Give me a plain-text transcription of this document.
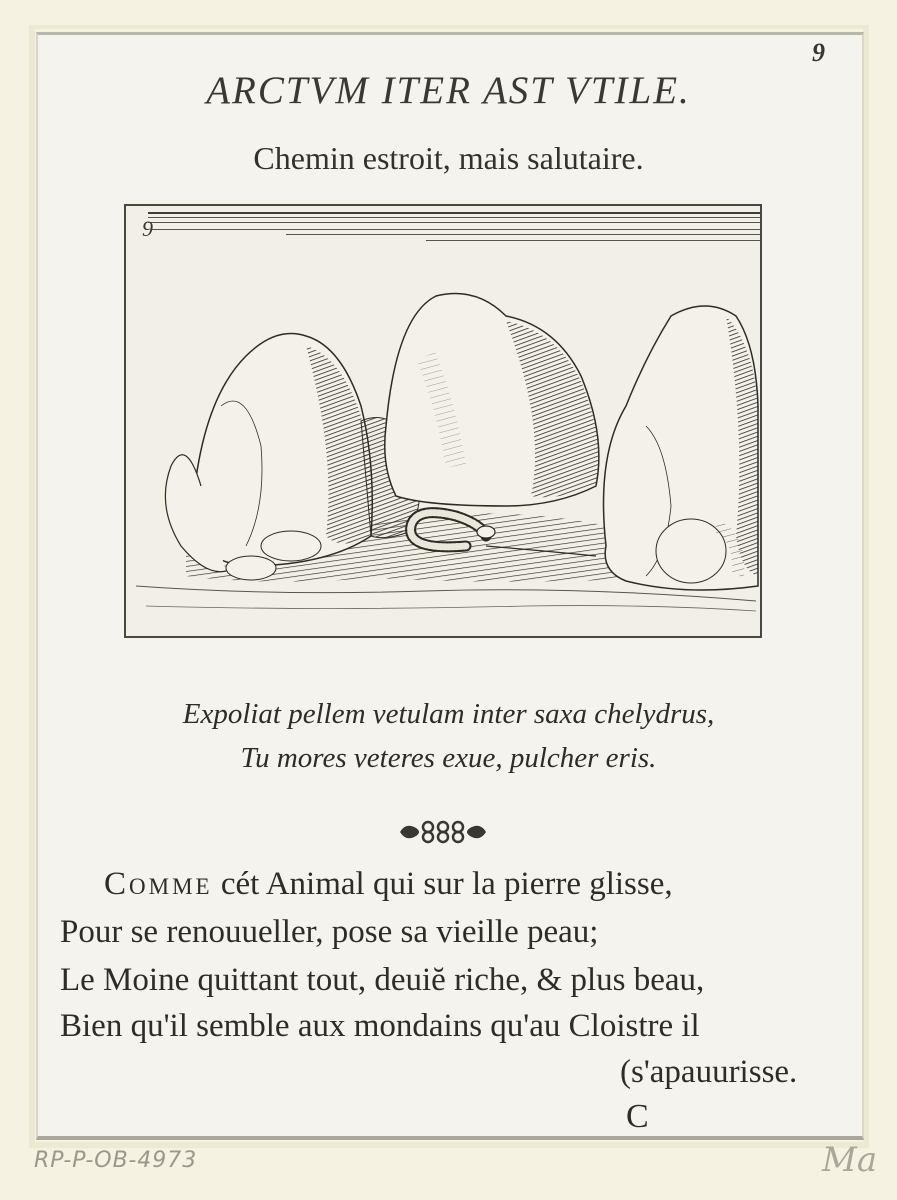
9
ARCTVM ITER AST VTILE.
Chemin estroit, mais salutaire.
9
Expoliat pellem vetulam inter saxa chelydrus,
Tu mores veteres exue, pulcher eris.
Comme cét Animal qui sur la pierre glisse,
Pour se renouueller, pose sa vieille peau;
Le Moine quittant tout, deuiĕ riche, & plus beau,
Bien qu'il semble aux mondains qu'au Cloistre il
(s'apauurisse.
C
RP-P-OB-4973	Ma
